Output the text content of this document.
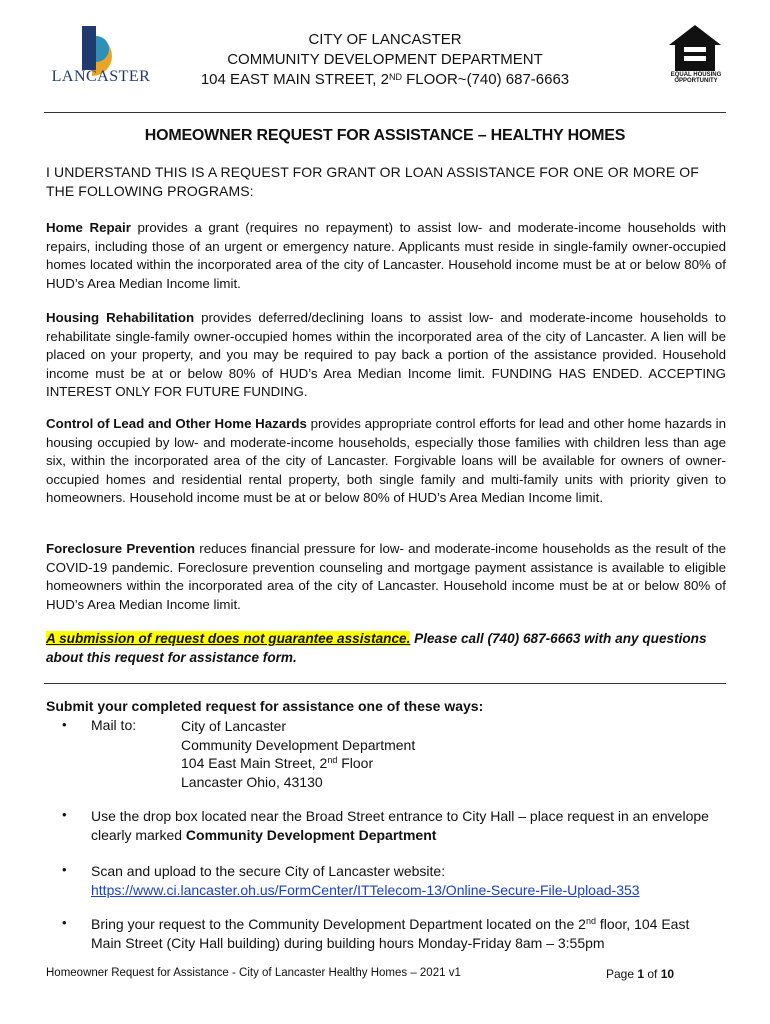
LANCASTER
CITY OF LANCASTER
COMMUNITY DEVELOPMENT DEPARTMENT
104 EAST MAIN STREET, 2ND FLOOR~(740) 687-6663	EQUAL HOUSING OPPORTUNITY
HOMEOWNER REQUEST FOR ASSISTANCE – HEALTHY HOMES
I UNDERSTAND THIS IS A REQUEST FOR GRANT OR LOAN ASSISTANCE FOR ONE OR MORE OF THE FOLLOWING PROGRAMS:
Home Repair provides a grant (requires no repayment) to assist low- and moderate-income households with repairs, including those of an urgent or emergency nature. Applicants must reside in single-family owner-occupied homes located within the incorporated area of the city of Lancaster. Household income must be at or below 80% of HUD’s Area Median Income limit.
Housing Rehabilitation provides deferred/declining loans to assist low- and moderate-income households to rehabilitate single-family owner-occupied homes within the incorporated area of the city of Lancaster. A lien will be placed on your property, and you may be required to pay back a portion of the assistance provided. Household income must be at or below 80% of HUD’s Area Median Income limit. FUNDING HAS ENDED. ACCEPTING INTEREST ONLY FOR FUTURE FUNDING.
Control of Lead and Other Home Hazards provides appropriate control efforts for lead and other home hazards in housing occupied by low- and moderate-income households, especially those families with children less than age six, within the incorporated area of the city of Lancaster. Forgivable loans will be available for owners of owner-occupied homes and residential rental property, both single family and multi-family units with priority given to homeowners. Household income must be at or below 80% of HUD’s Area Median Income limit.
Foreclosure Prevention reduces financial pressure for low- and moderate-income households as the result of the COVID-19 pandemic. Foreclosure prevention counseling and mortgage payment assistance is available to eligible homeowners within the incorporated area of the city of Lancaster. Household income must be at or below 80% of HUD’s Area Median Income limit.
A submission of request does not guarantee assistance. Please call (740) 687-6663 with any questions about this request for assistance form.
Submit your completed request for assistance one of these ways:
•	Mail to:	City of Lancaster
Community Development Department
104 East Main Street, 2nd Floor
Lancaster Ohio, 43130
•	Use the drop box located near the Broad Street entrance to City Hall – place request in an envelope clearly marked Community Development Department
•	Scan and upload to the secure City of Lancaster website:
https://www.ci.lancaster.oh.us/FormCenter/ITTelecom-13/Online-Secure-File-Upload-353
•	Bring your request to the Community Development Department located on the 2nd floor, 104 East Main Street (City Hall building) during building hours Monday-Friday 8am – 3:55pm
Homeowner Request for Assistance - City of Lancaster Healthy Homes – 2021 v1	Page 1 of 10
